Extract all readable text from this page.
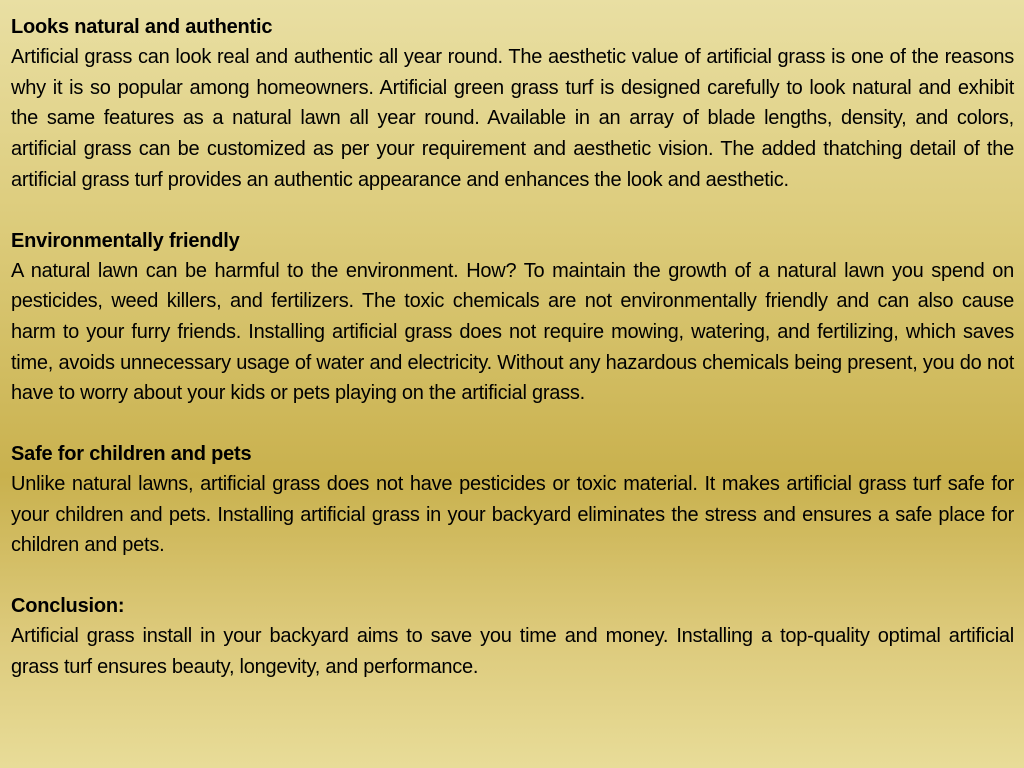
Looks natural and authentic

Artificial grass can look real and authentic all year round. The aesthetic value of artificial grass is one of the reasons why it is so popular among homeowners. Artificial green grass turf is designed carefully to look natural and exhibit the same features as a natural lawn all year round. Available in an array of blade lengths, density, and colors, artificial grass can be customized as per your requirement and aesthetic vision. The added thatching detail of the artificial grass turf provides an authentic appearance and enhances the look and aesthetic.

Environmentally friendly

A natural lawn can be harmful to the environment. How? To maintain the growth of a natural lawn you spend on pesticides, weed killers, and fertilizers. The toxic chemicals are not environmentally friendly and can also cause harm to your furry friends. Installing artificial grass does not require mowing, watering, and fertilizing, which saves time, avoids unnecessary usage of water and electricity. Without any hazardous chemicals being present, you do not have to worry about your kids or pets playing on the artificial grass.

Safe for children and pets

Unlike natural lawns, artificial grass does not have pesticides or toxic material. It makes artificial grass turf safe for your children and pets. Installing artificial grass in your backyard eliminates the stress and ensures a safe place for children and pets.

Conclusion:

Artificial grass install in your backyard aims to save you time and money. Installing a top-quality optimal artificial grass turf ensures beauty, longevity, and performance.
